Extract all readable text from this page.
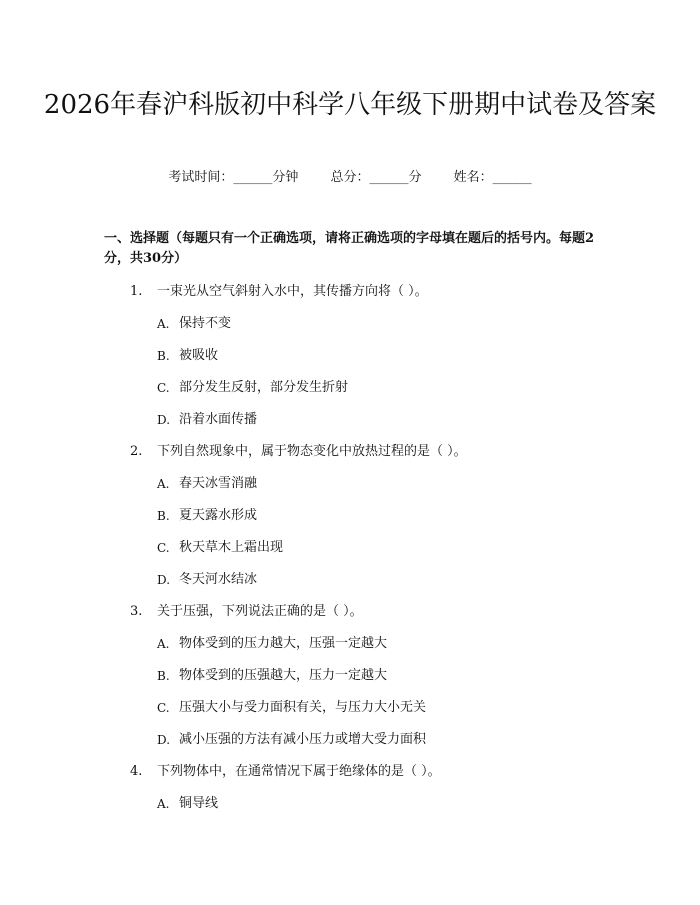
2026年春沪科版初中科学八年级下册期中试卷及答案
考试时间：______分钟 总分：______分 姓名：______
一、选择题（每题只有一个正确选项，请将正确选项的字母填在题后的括号内。每题2分，共30分）
1. 一束光从空气斜射入水中，其传播方向将（ ）。
A. 保持不变
B. 被吸收
C. 部分发生反射，部分发生折射
D. 沿着水面传播
2. 下列自然现象中，属于物态变化中放热过程的是（ ）。
A. 春天冰雪消融
B. 夏天露水形成
C. 秋天草木上霜出现
D. 冬天河水结冰
3. 关于压强，下列说法正确的是（ ）。
A. 物体受到的压力越大，压强一定越大
B. 物体受到的压强越大，压力一定越大
C. 压强大小与受力面积有关，与压力大小无关
D. 减小压强的方法有减小压力或增大受力面积
4. 下列物体中，在通常情况下属于绝缘体的是（ ）。
A. 铜导线
